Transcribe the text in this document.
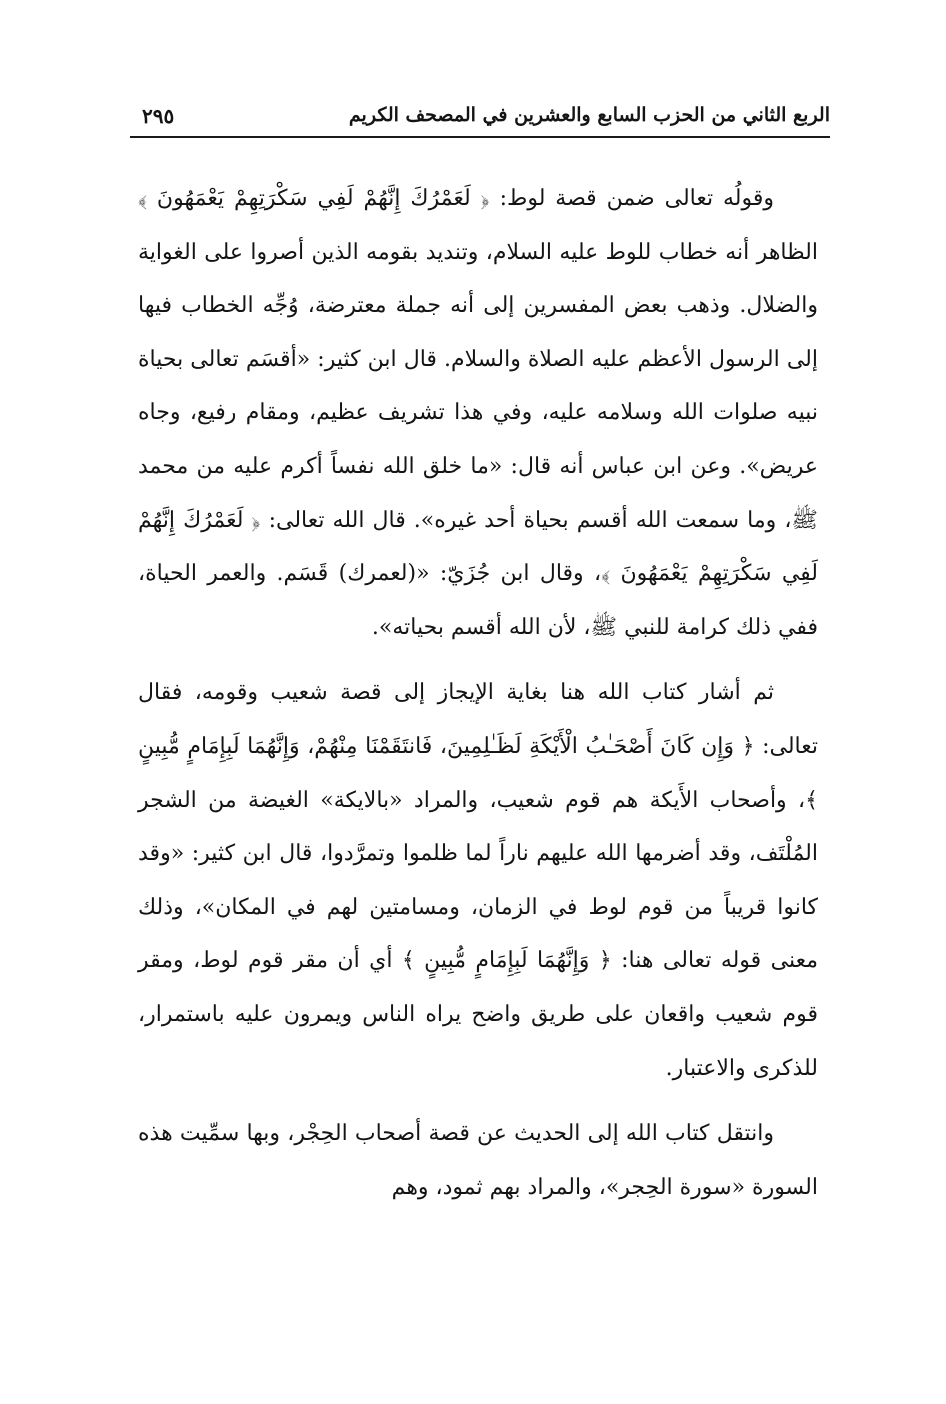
الربع الثاني من الحزب السابع والعشرين في المصحف الكريم
٢٩٥

وقولُه تعالى ضمن قصة لوط: ﴿ لَعَمْرُكَ إِنَّهُمْ لَفِي سَكْرَتِهِمْ يَعْمَهُونَ ﴾ الظاهر أنه خطاب للوط عليه السلام، وتنديد بقومه الذين أصروا على الغواية والضلال. وذهب بعض المفسرين إلى أنه جملة معترضة، وُجِّه الخطاب فيها إلى الرسول الأعظم عليه الصلاة والسلام. قال ابن كثير: «أقسَم تعالى بحياة نبيه صلوات الله وسلامه عليه، وفي هذا تشريف عظيم، ومقام رفيع، وجاه عريض». وعن ابن عباس أنه قال: «ما خلق الله نفساً أكرم عليه من محمد ﷺ، وما سمعت الله أقسم بحياة أحد غيره». قال الله تعالى: ﴿ لَعَمْرُكَ إِنَّهُمْ لَفِي سَكْرَتِهِمْ يَعْمَهُونَ ﴾، وقال ابن جُزَيّ: «(لعمرك) قَسَم. والعمر الحياة، ففي ذلك كرامة للنبي ﷺ، لأن الله أقسم بحياته».

ثم أشار كتاب الله هنا بغاية الإيجاز إلى قصة شعيب وقومه، فقال تعالى: ﴿ وَإِن كَانَ أَصْحَـٰبُ الْأَيْكَةِ لَظَـٰلِمِينَ، فَانتَقَمْنَا مِنْهُمْ، وَإِنَّهُمَا لَبِإِمَامٍ مُّبِينٍ ﴾، وأصحاب الأَيكة هم قوم شعيب، والمراد «بالايكة» الغيضة من الشجر المُلْتَف، وقد أضرمها الله عليهم ناراً لما ظلموا وتمرَّدوا، قال ابن كثير: «وقد كانوا قريباً من قوم لوط في الزمان، ومسامتين لهم في المكان»، وذلك معنى قوله تعالى هنا: ﴿ وَإِنَّهُمَا لَبِإِمَامٍ مُّبِينٍ ﴾ أي أن مقر قوم لوط، ومقر قوم شعيب واقعان على طريق واضح يراه الناس ويمرون عليه باستمرار، للذكرى والاعتبار.

وانتقل كتاب الله إلى الحديث عن قصة أصحاب الحِجْر، وبها سمِّيت هذه السورة «سورة الحِجر»، والمراد بهم ثمود، وهم
